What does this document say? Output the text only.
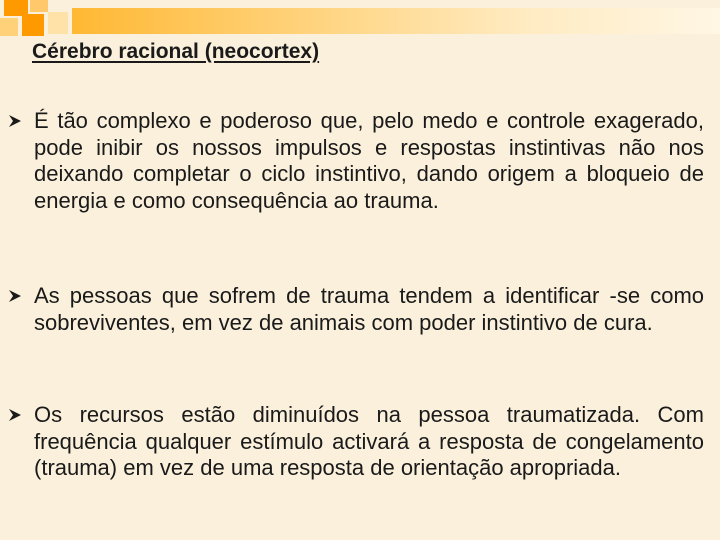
Cérebro racional (neocortex)

É tão complexo e poderoso que, pelo medo e controle exagerado, pode inibir os nossos impulsos e respostas instintivas não nos deixando completar o ciclo instintivo, dando origem a bloqueio de energia e como consequência ao trauma.

As pessoas que sofrem de trauma tendem a identificar -se como sobreviventes, em vez de animais com poder instintivo de cura.

Os recursos estão diminuídos na pessoa traumatizada. Com frequência qualquer estímulo activará a resposta de congelamento (trauma) em vez de uma resposta de orientação apropriada.
